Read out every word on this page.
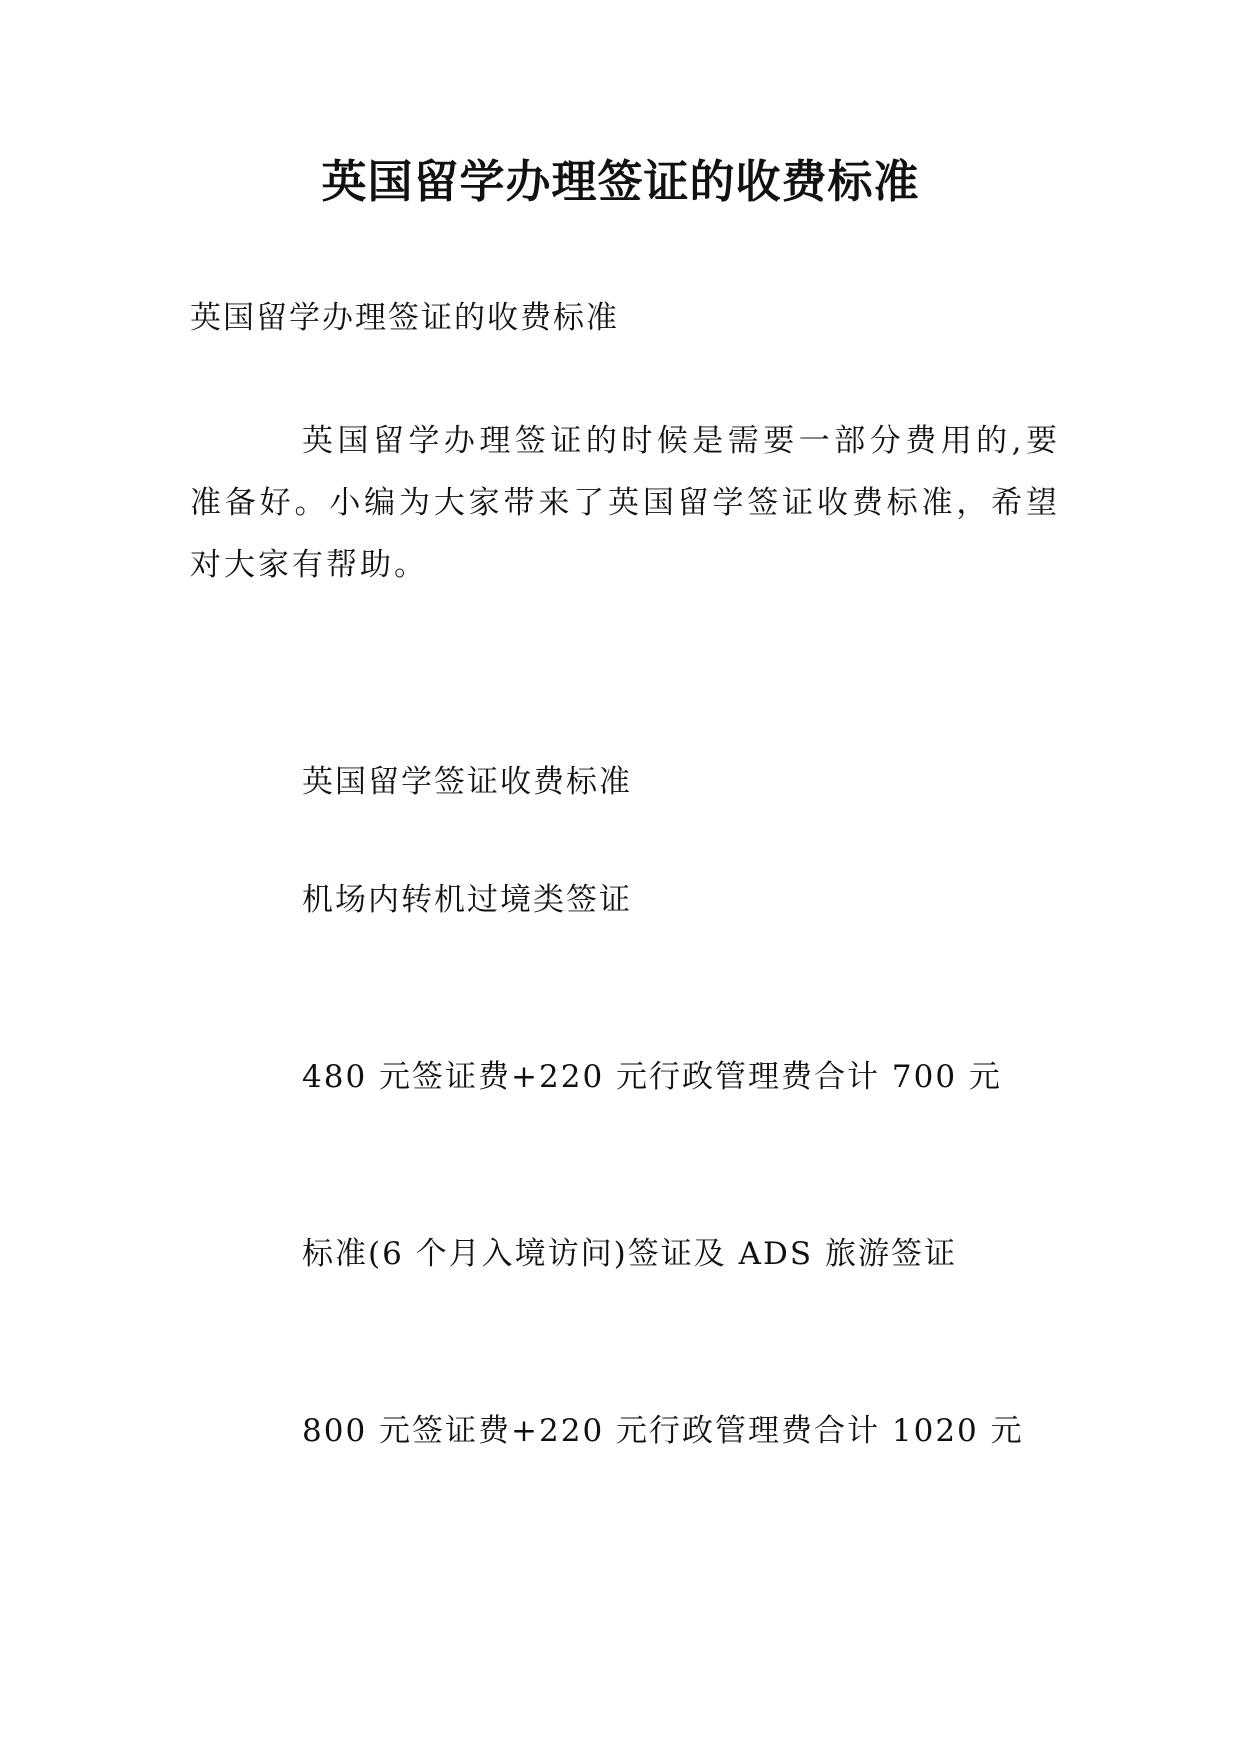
英国留学办理签证的收费标准
英国留学办理签证的收费标准
英国留学办理签证的时候是需要一部分费用的,要准备好。小编为大家带来了英国留学签证收费标准，希望对大家有帮助。
英国留学签证收费标准
机场内转机过境类签证
480 元签证费+220 元行政管理费合计 700 元
标准(6 个月入境访问)签证及 ADS 旅游签证
800 元签证费+220 元行政管理费合计 1020 元
